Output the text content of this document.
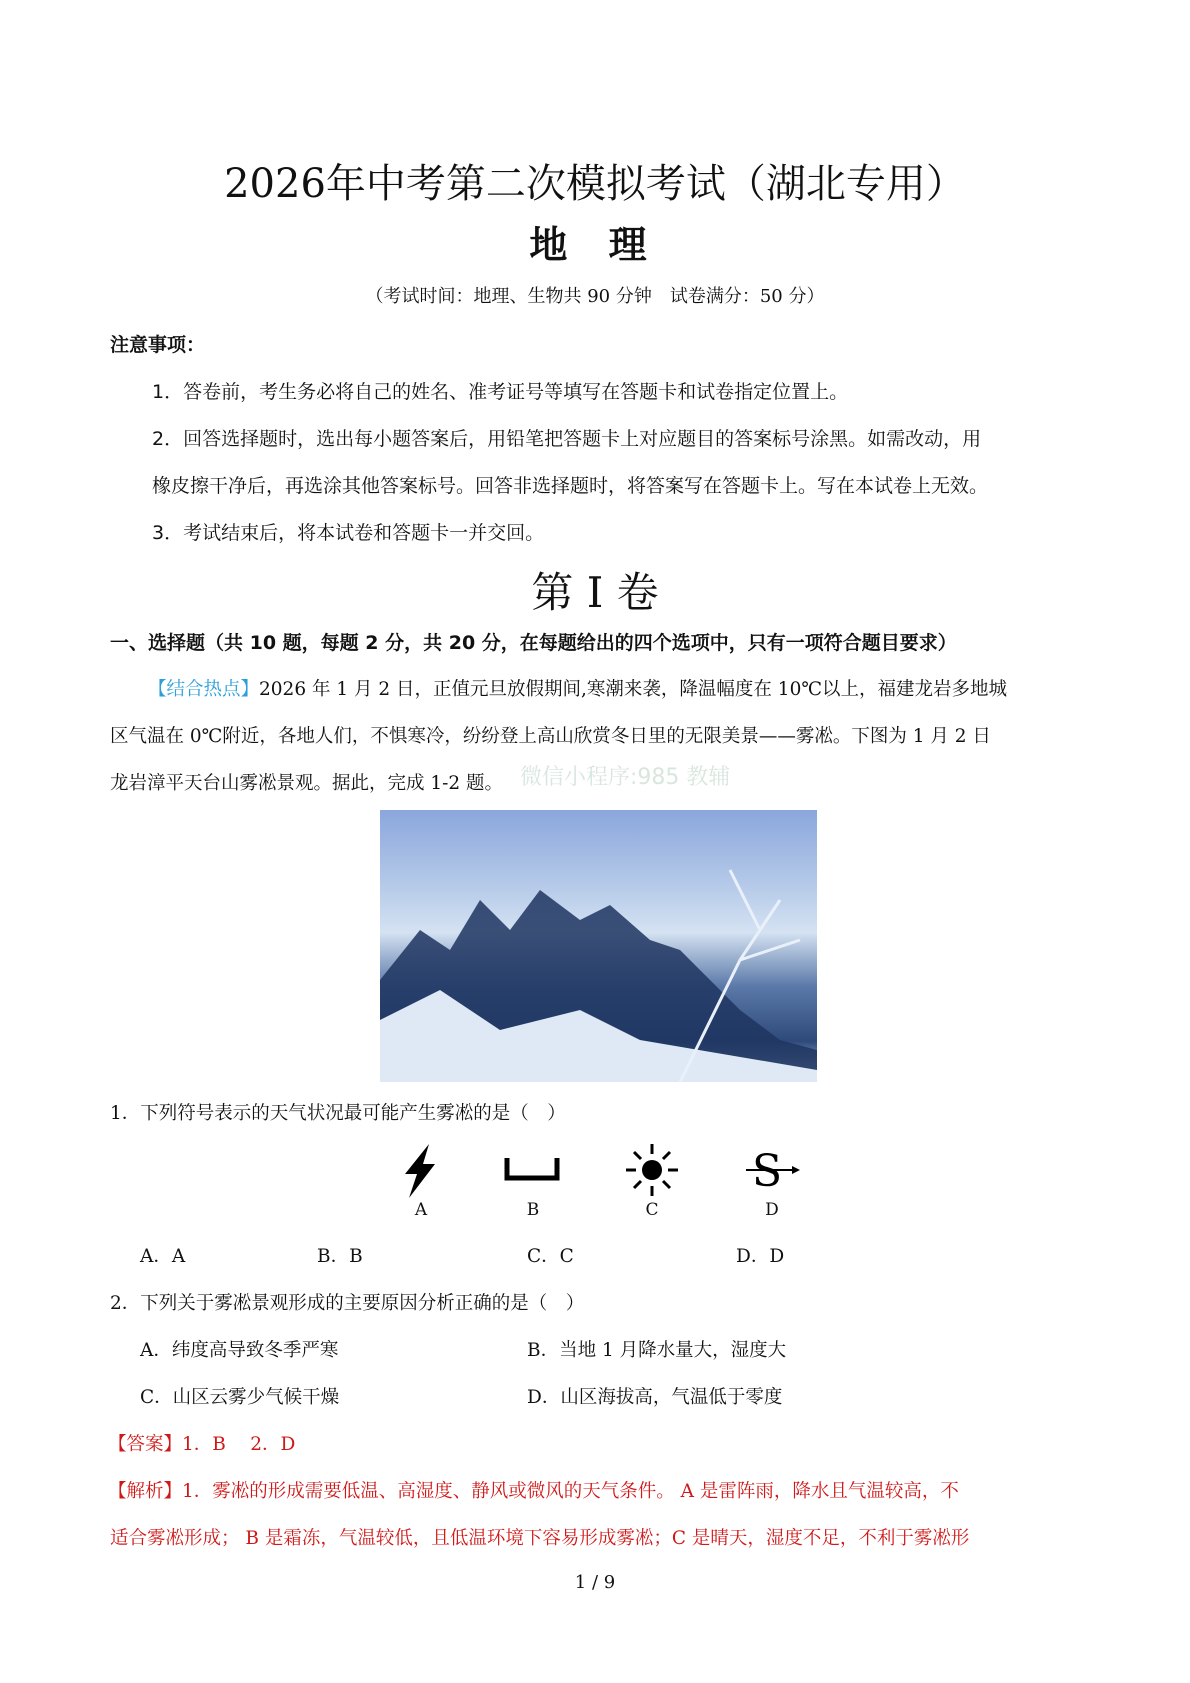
2026年中考第二次模拟考试（湖北专用）
地 理
（考试时间：地理、生物共 90 分钟　试卷满分：50 分）
注意事项：
1．答卷前，考生务必将自己的姓名、准考证号等填写在答题卡和试卷指定位置上。
2．回答选择题时，选出每小题答案后，用铅笔把答题卡上对应题目的答案标号涂黑。如需改动，用
橡皮擦干净后，再选涂其他答案标号。回答非选择题时，将答案写在答题卡上。写在本试卷上无效。
3．考试结束后，将本试卷和答题卡一并交回。
第 I 卷
一、选择题（共 10 题，每题 2 分，共 20 分，在每题给出的四个选项中，只有一项符合题目要求）
微信小程序:985 教辅
【结合热点】2026 年 1 月 2 日，正值元旦放假期间,寒潮来袭，降温幅度在 10℃以上，福建龙岩多地城
区气温在 0℃附近，各地人们，不惧寒冷，纷纷登上高山欣赏冬日里的无限美景——雾凇。下图为 1 月 2 日
龙岩漳平天台山雾凇景观。据此，完成 1-2 题。
1．下列符号表示的天气状况最可能产生雾凇的是（　）
S
A	B	C	D
A．A	B．B	C．C	D．D
2．下列关于雾凇景观形成的主要原因分析正确的是（　）
A．纬度高导致冬季严寒	B．当地 1 月降水量大，湿度大
C．山区云雾少气候干燥	D．山区海拔高，气温低于零度
【答案】1．B　 2．D
【解析】1．雾凇的形成需要低温、高湿度、静风或微风的天气条件。 A 是雷阵雨，降水且气温较高，不
适合雾凇形成； B 是霜冻，气温较低，且低温环境下容易形成雾凇；C 是晴天，湿度不足，不利于雾凇形
1 / 9
